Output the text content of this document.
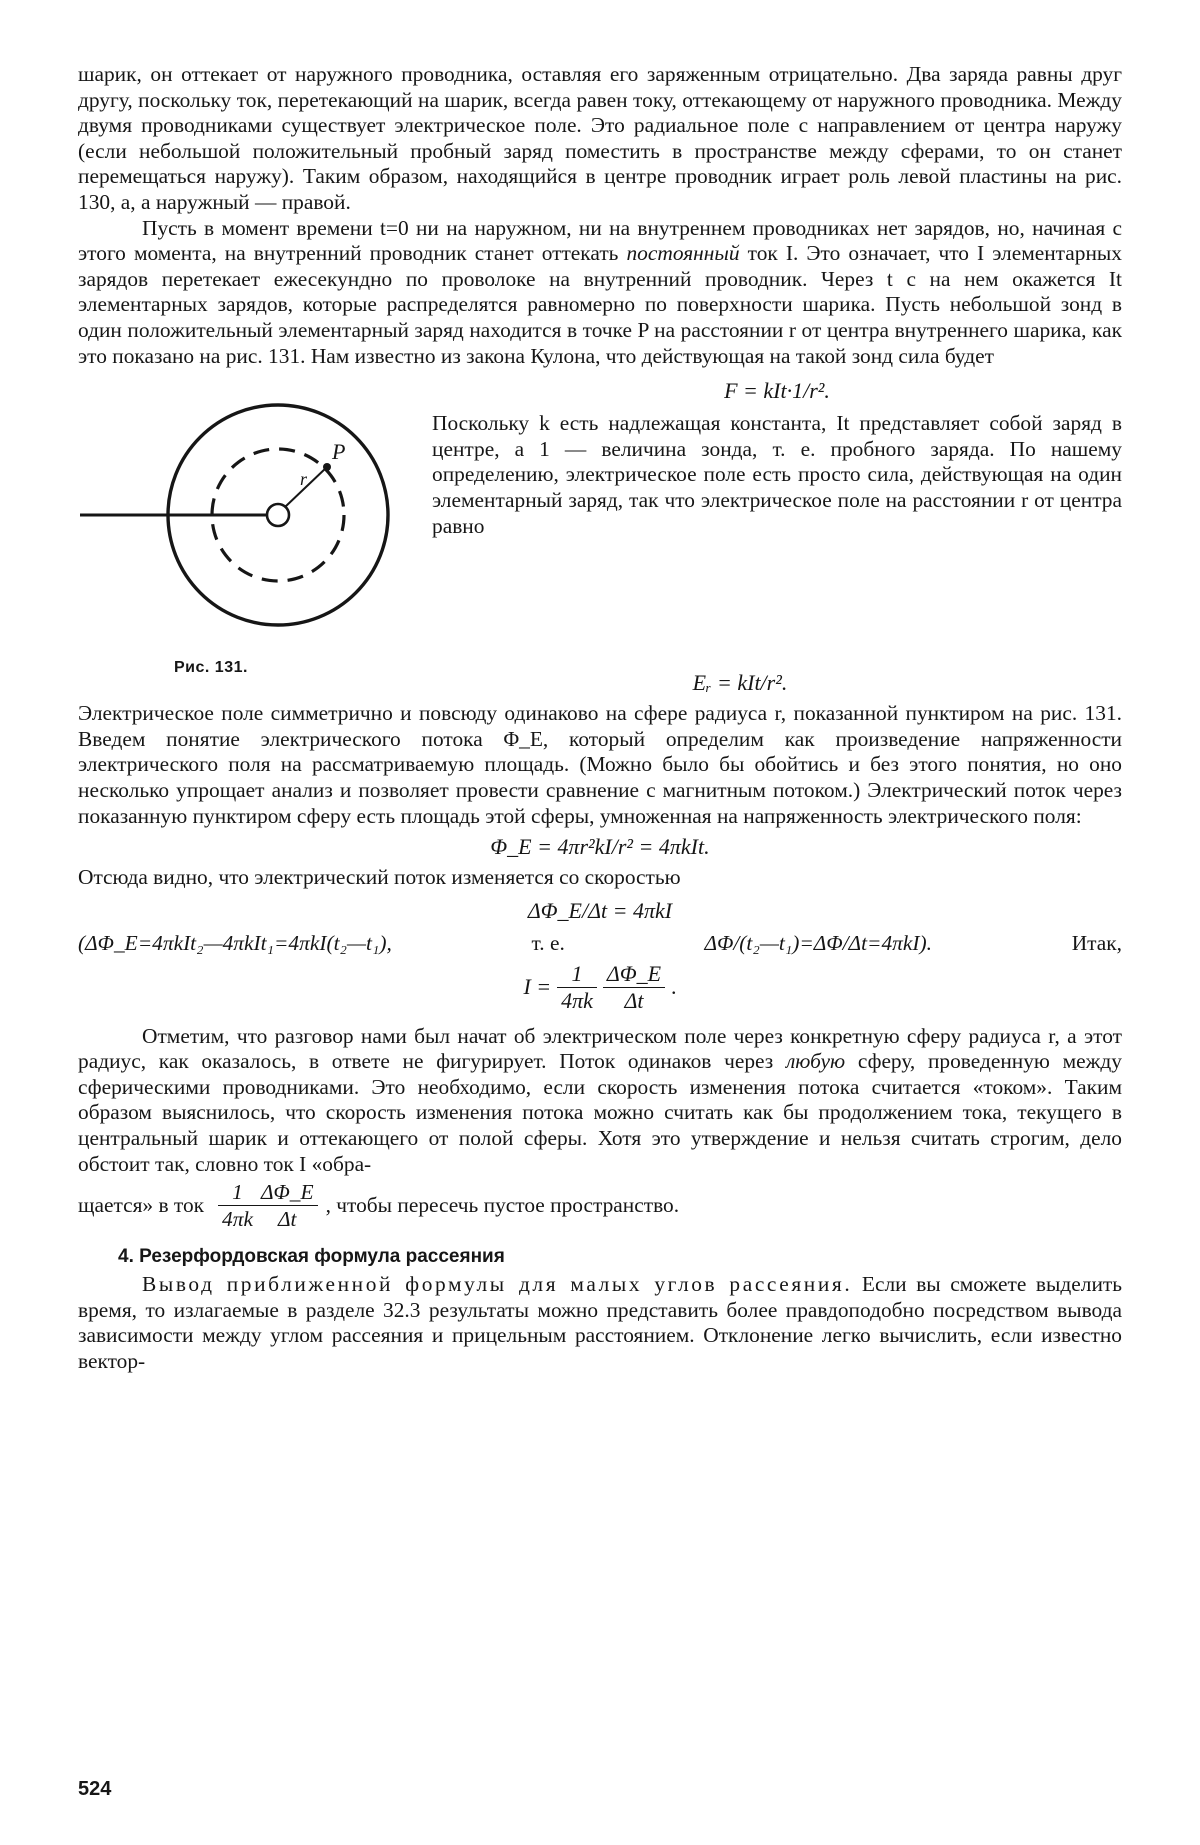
шарик, он оттекает от наружного проводника, оставляя его заряженным отрицательно. Два заряда равны друг другу, поскольку ток, перетекающий на шарик, всегда равен току, оттекающему от наружного проводника. Между двумя проводниками существует электрическое поле. Это радиальное поле с направлением от центра наружу (если небольшой положительный пробный заряд поместить в пространстве между сферами, то он станет перемещаться наружу). Таким образом, находящийся в центре проводник играет роль левой пластины на рис. 130, а, а наружный — правой.

Пусть в момент времени t=0 ни на наружном, ни на внутреннем проводниках нет зарядов, но, начиная с этого момента, на внутренний проводник станет оттекать постоянный ток I. Это означает, что I элементарных зарядов перетекает ежесекундно по проволоке на внутренний проводник. Через t с на нем окажется It элементарных зарядов, которые распределятся равномерно по поверхности шарика. Пусть небольшой зонд в один положительный элементарный заряд находится в точке P на расстоянии r от центра внутреннего шарика, как это показано на рис. 131. Нам известно из закона Кулона, что действующая на такой зонд сила будет

r
P
Рис. 131.
F = kIt·1/r².

Поскольку k есть надлежащая константа, It представляет собой заряд в центре, а 1 — величина зонда, т. е. пробного заряда. По нашему определению, электрическое поле есть просто сила, действующая на один элементарный заряд, так что электрическое поле на расстоянии r от центра равно

Eᵣ = kIt/r².

Электрическое поле симметрично и повсюду одинаково на сфере радиуса r, показанной пунктиром на рис. 131. Введем понятие электрического потока Φ_E, который определим как произведение напряженности электрического поля на рассматриваемую площадь. (Можно было бы обойтись и без этого понятия, но оно несколько упрощает анализ и позволяет провести сравнение с магнитным потоком.) Электрический поток через показанную пунктиром сферу есть площадь этой сферы, умноженная на напряженность электрического поля:

Φ_E = 4πr²kI/r² = 4πkIt.

Отсюда видно, что электрический поток изменяется со скоростью

ΔΦ_E/Δt = 4πkI
(ΔΦ_E=4πkIt₂—4πkIt₁=4πkI(t₂—t₁),	т. е.	ΔΦ/(t₂—t₁)=ΔΦ/Δt=4πkI).	Итак,
$I = \frac{1}{4\pi k} \frac{\Delta\Phi\_E}{\Delta t}$ .

Отметим, что разговор нами был начат об электрическом поле через конкретную сферу радиуса r, а этот радиус, как оказалось, в ответе не фигурирует. Поток одинаков через любую сферу, проведенную между сферическими проводниками. Это необходимо, если скорость изменения потока считается «током». Таким образом выяснилось, что скорость изменения потока можно считать как бы продолжением тока, текущего в центральный шарик и оттекающего от полой сферы. Хотя это утверждение и нельзя считать строгим, дело обстоит так, словно ток I «обра-

щается» в ток $\frac{1}{4\pi k} \frac{\Delta\Phi\_E}{\Delta t}$ , чтобы пересечь пустое пространство.
4. Резерфордовская формула рассеяния

Вывод приближенной формулы для малых углов рассеяния. Если вы сможете выделить время, то излагаемые в разделе 32.3 результаты можно представить более правдоподобно посредством вывода зависимости между углом рассеяния и прицельным расстоянием. Отклонение легко вычислить, если известно вектор-

524
